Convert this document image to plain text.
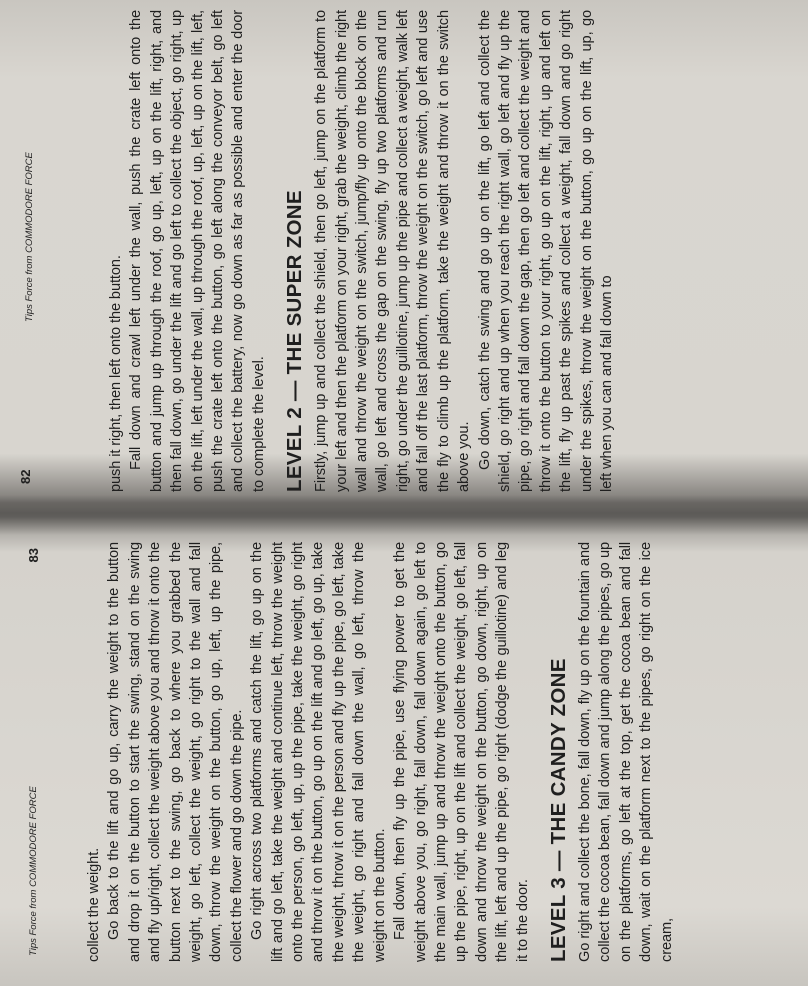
82
Tips Force from COMMODORE FORCE

push it right, then left onto the button. Fall down and crawl left under the wall, push the crate left onto the button and jump up through the roof, go up, left, up on the lift, right, and then fall down, go under the lift and go left to collect the object, go right, up on the lift, left under the wall, up through the roof, up, left, up on the lift, left, push the crate left onto the button, go left along the conveyor belt, go left and collect the battery, now go down as far as possible and enter the door to complete the level. LEVEL 2 — THE SUPER ZONE Firstly, jump up and collect the shield, then go left, jump on the platform to your left and then the platform on your right, grab the weight, climb the right wall and throw the weight on the switch, jump/fly up onto the block on the wall, go left and cross the gap on the swing, fly up two platforms and run right, go under the guillotine, jump up the pipe and collect a weight, walk left and fall off the last platform, throw the weight on the switch, go left and use the fly to climb up the platform, take the weight and throw it on the switch above you. Go down, catch the swing and go up on the lift, go left and collect the shield, go right and up when you reach the right wall, go left and fly up the pipe, go right and fall down the gap, then go left and collect the weight and throw it onto the button to your right, go up on the lift, right, up and left on the lift, fly up past the spikes and collect a weight, fall down and go right under the spikes, throw the weight on the button, go up on the lift, up, go left when you can and fall down to

Tips Force from COMMODORE FORCE
83

collect the weight. Go back to the lift and go up, carry the weight to the button and drop it on the button to start the swing, stand on the swing and fly up/right, collect the weight above you and throw it onto the button next to the swing, go back to where you grabbed the weight, go left, collect the weight, go right to the wall and fall down, throw the weight on the button, go up, left, up the pipe, collect the flower and go down the pipe. Go right across two platforms and catch the lift, go up on the lift and go left, take the weight and continue left, throw the weight onto the person, go left, up, up the pipe, take the weight, go right and throw it on the button, go up on the lift and go left, go up, take the weight, throw it on the person and fly up the pipe, go left, take the weight, go right and fall down the wall, go left, throw the weight on the button. Fall down, then fly up the pipe, use flying power to get the weight above you, go right, fall down, fall down again, go left to the main wall, jump up and throw the weight onto the button, go up the pipe, right, up on the lift and collect the weight, go left, fall down and throw the weight on the button, go down, right, up on the lift, left and up the pipe, go right (dodge the guillotine) and leg it to the door. LEVEL 3 — THE CANDY ZONE Go right and collect the bone, fall down, fly up on the fountain and collect the cocoa bean, fall down and jump along the pipes, go up on the platforms, go left at the top, get the cocoa bean and fall down, wait on the platform next to the pipes, go right on the ice cream,
